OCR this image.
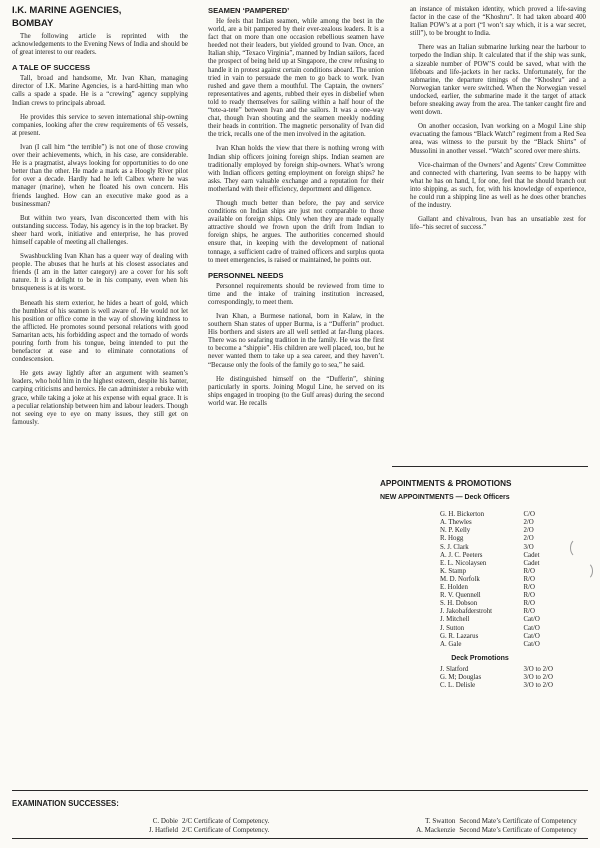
I.K. MARINE AGENCIES,
BOMBAY

The following article is reprinted with the acknowledgements to the Evening News of India and should be of great interest to our readers.

A TALE OF SUCCESS

Tall, broad and handsome, Mr. Ivan Khan, managing director of I.K. Marine Agencies, is a hard-hitting man who calls a spade a spade. He is a “crewing” agency supplying Indian crews to principals abroad.

He provides this service to seven international ship-owning companies, looking after the crew requirements of 65 vessels, at present.

Ivan (I call him “the terrible”) is not one of those crowing over their achievements, which, in his case, are considerable. He is a pragmatist, always looking for opportunities to do one better than the other. He made a mark as a Hoogly River pilot for over a decade. Hardly had he left Calbex where he was manager (marine), when he floated his own concern. His friends laughed. How can an executive make good as a businessman?

But within two years, Ivan disconcerted them with his outstanding success. Today, his agency is in the top bracket. By sheer hard work, initiative and enterprise, he has proved himself capable of meeting all challenges.

Swashbuckling Ivan Khan has a queer way of dealing with people. The abuses that he hurls at his closest associates and friends (I am in the latter category) are a cover for his soft nature. It is a delight to be in his company, even when his brusqueness is at its worst.

Beneath his stern exterior, he hides a heart of gold, which the humblest of his seamen is well aware of. He would not let his position or office come in the way of showing kindness to the afflicted. He promotes sound personal relations with good Samaritan acts, his forbidding aspect and the tornado of words pouring forth from his tongue, being intended to put the benefactor at ease and to eliminate connotations of condescension.

He gets away lightly after an argument with seamen’s leaders, who hold him in the highest esteem, despite his banter, carping criticisms and heroics. He can administer a rebuke with grace, while taking a joke at his expense with equal grace. It is a peculiar relationship between him and labour leaders. Though not seeing eye to eye on many issues, they still get on famously.

SEAMEN ‘PAMPERED’

He feels that Indian seamen, while among the best in the world, are a bit pampered by their ever-zealous leaders. It is a fact that on more than one occasion rebellious seamen have heeded not their leaders, but yielded ground to Ivan. Once, an Italian ship, “Texaco Virginia”, manned by Indian sailors, faced the prospect of being held up at Singapore, the crew refusing to handle it in protest against certain conditions aboard. The union tried in vain to persuade the men to go back to work. Ivan rushed and gave them a mouthful. The Captain, the owners’ representatives and agents, rubbed their eyes in disbelief when told to ready themselves for sailing within a half hour of the “tete-a-tete” between Ivan and the sailors. It was a one-way chat, though Ivan shouting and the seamen meekly nodding their heads in contrition. The magnetic personality of Ivan did the trick, recalls one of the men involved in the agitation.

Ivan Khan holds the view that there is nothing wrong with Indian ship officers joining foreign ships. Indian seamen are traditionally employed by foreign ship-owners. What’s wrong with Indian officers getting employment on foreign ships? he asks. They earn valuable exchange and a reputation for their motherland with their efficiency, deportment and diligence.

Though much better than before, the pay and service conditions on Indian ships are just not comparable to those available on foreign ships. Only when they are made equally attractive should we frown upon the drift from Indian to foreign ships, he argues. The authorities concerned should ensure that, in keeping with the development of national tonnage, a sufficient cadre of trained officers and surplus quota to meet emergencies, is raised or maintained, he points out.

PERSONNEL NEEDS

Personnel requirements should be reviewed from time to time and the intake of training institution increased, correspondingly, to meet them.

Ivan Khan, a Burmese national, born in Kalaw, in the southern Shan states of upper Burma, is a “Dufferin” product. His borthers and sisters are all well settled at far-flung places. There was no seafaring tradition in the family. He was the first to become a “shippie”. His children are well placed, too, but he never wanted them to take up a sea career, and they haven’t. “Because only the fools of the family go to sea,” he said.

He distinguished himself on the “Dufferin”, shining particularly in sports. Joining Mogul Line, he served on its ships engaged in trooping (to the Gulf areas) during the second world war. He recalls

an instance of mistaken identity, which proved a life-saving factor in the case of the “Khoshru”. It had taken aboard 400 Italian POW’s at a port (“I won’t say which, it is a war secret, still”), to be brought to India.

There was an Italian submarine lurking near the harbour to torpedo the Indian ship. It calculated that if the ship was sunk, a sizeable number of POW’S could be saved, what with the lifeboats and life-jackets in her racks. Unfortunately, for the submarine, the departure timings of the “Khoshru” and a Norwegian tanker were switched. When the Norwegian vessel undocked, earlier, the submarine made it the target of attack before sneaking away from the area. The tanker caught fire and went down.

On another occasion, Ivan working on a Mogul Line ship evacuating the famous “Black Watch” regiment from a Red Sea area, was witness to the pursuit by the “Black Shirts” of Mussolini in another vessel. “Watch” scored over mere shirts.

Vice-chairman of the Owners’ and Agents’ Crew Committee and connected with chartering, Ivan seems to be happy with what he has on hand, I, for one, feel that he should branch out into shipping, as such, for, with his knowledge of experience, he could run a shipping line as well as he does other branches of the industry.

Gallant and chivalrous, Ivan has an unsatiable zest for life–“his secret of success.”

APPOINTMENTS & PROMOTIONS
NEW APPOINTMENTS — Deck Officers
G. H. Bickerton	C/O
A. Thewles	2/O
N. P. Kelly	2/O
R. Hogg	2/O
S. J. Clark	3/O
A. J. C. Peeters	Cadet
E. L. Nicolaysen	Cadet
K. Stamp	R/O
M. D. Norfolk	R/O
E. Holden	R/O
R. V. Quennell	R/O
S. H. Dobson	R/O
J. Jakobafderstroht	R/O
J. Mitchell	Cat/O
J. Sutton	Cat/O
G. R. Lazarus	Cat/O
A. Gale	Cat/O
Deck Promotions
J. Slatford	3/O to 2/O
G. M; Douglas	3/O to 2/O
C. L. Delisle	3/O to 2/O
EXAMINATION SUCCESSES:
C. Dobie 2/C Certificate of Competency.
J. Hatfield 2/C Certificate of Competency.
T. Swatton Second Mate’s Certificate of Competency
A. Mackenzie Second Mate’s Certificate of Competency
